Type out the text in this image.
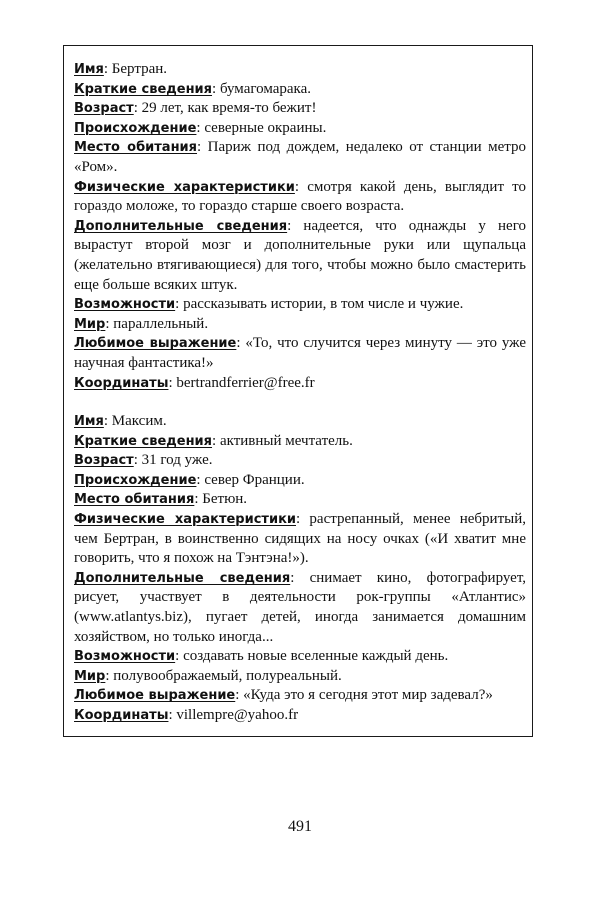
Имя: Бертран.

Краткие сведения: бумагомарака.

Возраст: 29 лет, как время-то бежит!

Происхождение: северные окраины.

Место обитания: Париж под дождем, недалеко от станции метро «Ром».

Физические характеристики: смотря какой день, выглядит то гораздо моложе, то гораздо старше своего возраста.

Дополнительные сведения: надеется, что однажды у него вырастут второй мозг и дополнительные руки или щупальца (желательно втягивающиеся) для того, чтобы можно было смастерить еще больше всяких штук.

Возможности: рассказывать истории, в том числе и чужие.

Мир: параллельный.

Любимое выражение: «То, что случится через минуту — это уже научная фантастика!»

Координаты: bertrandferrier@free.fr

Имя: Максим.

Краткие сведения: активный мечтатель.

Возраст: 31 год уже.

Происхождение: север Франции.

Место обитания: Бетюн.

Физические характеристики: растрепанный, менее небритый, чем Бертран, в воинственно сидящих на носу очках («И хватит мне говорить, что я похож на Тэнтэна!»).

Дополнительные сведения: снимает кино, фотографирует, рисует, участвует в деятельности рок-группы «Атлантис» (www.atlantys.biz), пугает детей, иногда занимается домашним хозяйством, но только иногда...

Возможности: создавать новые вселенные каждый день.

Мир: полувоображаемый, полуреальный.

Любимое выражение: «Куда это я сегодня этот мир задевал?»

Координаты: villempre@yahoo.fr

491
